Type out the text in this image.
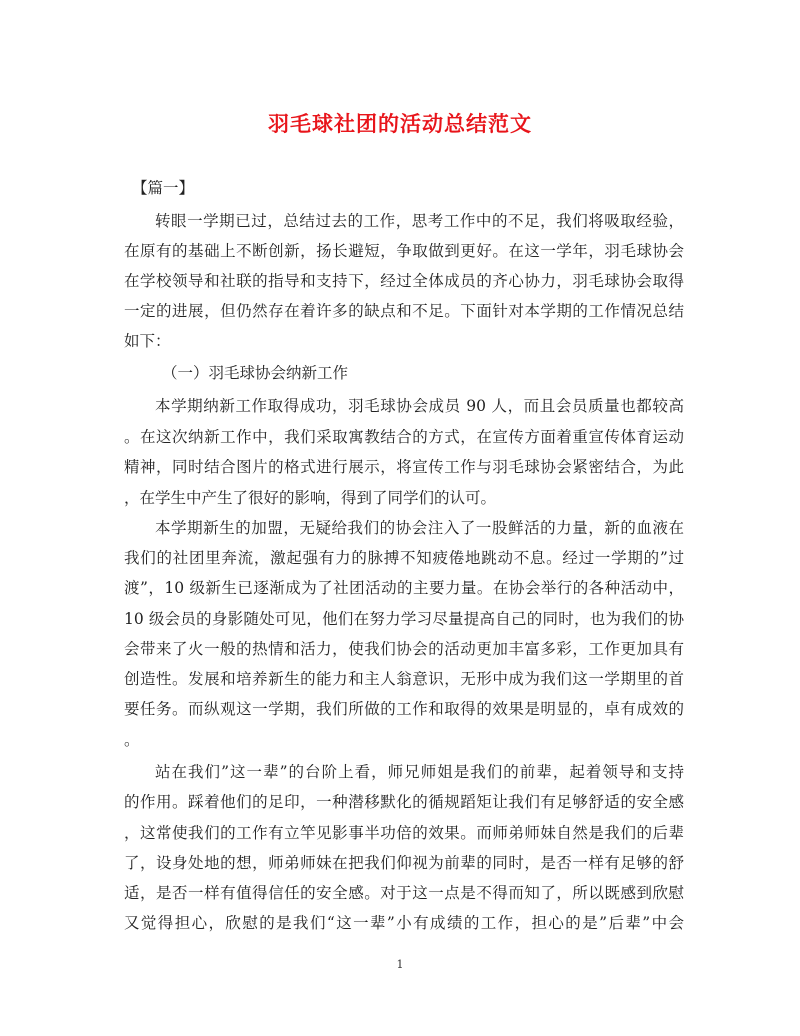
羽毛球社团的活动总结范文
【篇一】
转眼一学期已过，总结过去的工作，思考工作中的不足，我们将吸取经验，
在原有的基础上不断创新，扬长避短，争取做到更好。在这一学年，羽毛球协会
在学校领导和社联的指导和支持下，经过全体成员的齐心协力，羽毛球协会取得
一定的进展，但仍然存在着许多的缺点和不足。下面针对本学期的工作情况总结
如下：
（一）羽毛球协会纳新工作
本学期纳新工作取得成功，羽毛球协会成员 90 人，而且会员质量也都较高
。在这次纳新工作中，我们采取寓教结合的方式，在宣传方面着重宣传体育运动
精神，同时结合图片的格式进行展示，将宣传工作与羽毛球协会紧密结合，为此
，在学生中产生了很好的影响，得到了同学们的认可。
本学期新生的加盟，无疑给我们的协会注入了一股鲜活的力量，新的血液在
我们的社团里奔流，激起强有力的脉搏不知疲倦地跳动不息。经过一学期的”过
渡”，10 级新生已逐渐成为了社团活动的主要力量。在协会举行的各种活动中，
10 级会员的身影随处可见，他们在努力学习尽量提高自己的同时，也为我们的协
会带来了火一般的热情和活力，使我们协会的活动更加丰富多彩，工作更加具有
创造性。发展和培养新生的能力和主人翁意识，无形中成为我们这一学期里的首
要任务。而纵观这一学期，我们所做的工作和取得的效果是明显的，卓有成效的
。
站在我们”这一辈”的台阶上看，师兄师姐是我们的前辈，起着领导和支持
的作用。踩着他们的足印，一种潜移默化的循规蹈矩让我们有足够舒适的安全感
，这常使我们的工作有立竿见影事半功倍的效果。而师弟师妹自然是我们的后辈
了，设身处地的想，师弟师妹在把我们仰视为前辈的同时，是否一样有足够的舒
适，是否一样有值得信任的安全感。对于这一点是不得而知了，所以既感到欣慰
又觉得担心，欣慰的是我们“这一辈”小有成绩的工作，担心的是”后辈”中会
1
